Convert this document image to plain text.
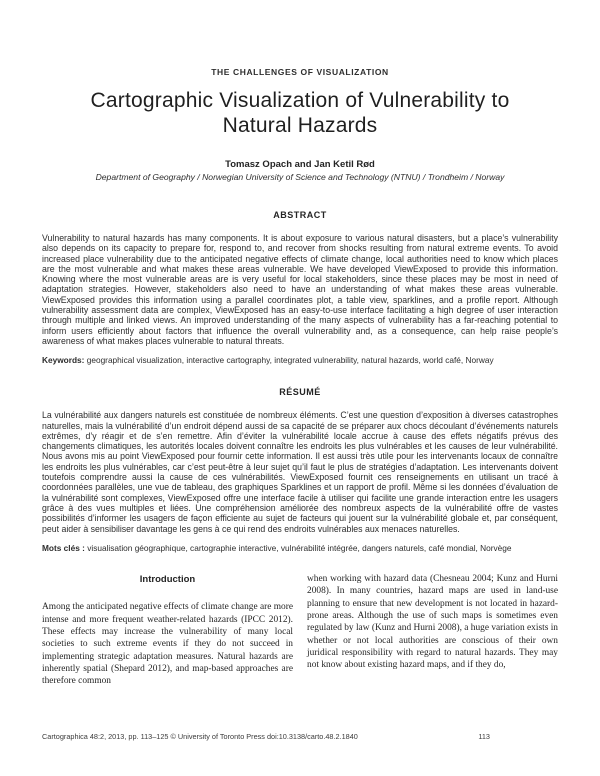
THE CHALLENGES OF VISUALIZATION
Cartographic Visualization of Vulnerability to Natural Hazards
Tomasz Opach and Jan Ketil Rød
Department of Geography / Norwegian University of Science and Technology (NTNU) / Trondheim / Norway
ABSTRACT

Vulnerability to natural hazards has many components. It is about exposure to various natural disasters, but a place’s vulnerability also depends on its capacity to prepare for, respond to, and recover from shocks resulting from natural extreme events. To avoid increased place vulnerability due to the anticipated negative effects of climate change, local authorities need to know which places are the most vulnerable and what makes these areas vulnerable. We have developed ViewExposed to provide this information. Knowing where the most vulnerable areas are is very useful for local stakeholders, since these places may be most in need of adaptation strategies. However, stakeholders also need to have an understanding of what makes these areas vulnerable. ViewExposed provides this information using a parallel coordinates plot, a table view, sparklines, and a profile report. Although vulnerability assessment data are complex, ViewExposed has an easy-to-use interface facilitating a high degree of user interaction through multiple and linked views. An improved understanding of the many aspects of vulnerability has a far-reaching potential to inform users efficiently about factors that influence the overall vulnerability and, as a consequence, can help raise people’s awareness of what makes places vulnerable to natural threats.

Keywords: geographical visualization, interactive cartography, integrated vulnerability, natural hazards, world café, Norway
RÉSUMÉ

La vulnérabilité aux dangers naturels est constituée de nombreux éléments. C’est une question d’exposition à diverses catastrophes naturelles, mais la vulnérabilité d’un endroit dépend aussi de sa capacité de se préparer aux chocs découlant d’événements naturels extrêmes, d’y réagir et de s’en remettre. Afin d’éviter la vulnérabilité locale accrue à cause des effets négatifs prévus des changements climatiques, les autorités locales doivent connaître les endroits les plus vulnérables et les causes de leur vulnérabilité. Nous avons mis au point ViewExposed pour fournir cette information. Il est aussi très utile pour les intervenants locaux de connaître les endroits les plus vulnérables, car c’est peut-être à leur sujet qu’il faut le plus de stratégies d’adaptation. Les intervenants doivent toutefois comprendre aussi la cause de ces vulnérabilités. ViewExposed fournit ces renseignements en utilisant un tracé à coordonnées parallèles, une vue de tableau, des graphiques Sparklines et un rapport de profil. Même si les données d’évaluation de la vulnérabilité sont complexes, ViewExposed offre une interface facile à utiliser qui facilite une grande interaction entre les usagers grâce à des vues multiples et liées. Une compréhension améliorée des nombreux aspects de la vulnérabilité offre de vastes possibilités d’informer les usagers de façon efficiente au sujet de facteurs qui jouent sur la vulnérabilité globale et, par conséquent, peut aider à sensibiliser davantage les gens à ce qui rend des endroits vulnérables aux menaces naturelles.

Mots clés : visualisation géographique, cartographie interactive, vulnérabilité intégrée, dangers naturels, café mondial, Norvège
Introduction

Among the anticipated negative effects of climate change are more intense and more frequent weather-related hazards (IPCC 2012). These effects may increase the vulnerability of many local societies to such extreme events if they do not succeed in implementing strategic adaptation measures. Natural hazards are inherently spatial (Shepard 2012), and map-based approaches are therefore common

when working with hazard data (Chesneau 2004; Kunz and Hurni 2008). In many countries, hazard maps are used in land-use planning to ensure that new development is not located in hazard-prone areas. Although the use of such maps is sometimes even regulated by law (Kunz and Hurni 2008), a huge variation exists in whether or not local authorities are conscious of their own juridical responsibility with regard to natural hazards. They may not know about existing hazard maps, and if they do,

Cartographica 48:2, 2013, pp. 113–125 © University of Toronto Press doi:10.3138/carto.48.2.1840	113
